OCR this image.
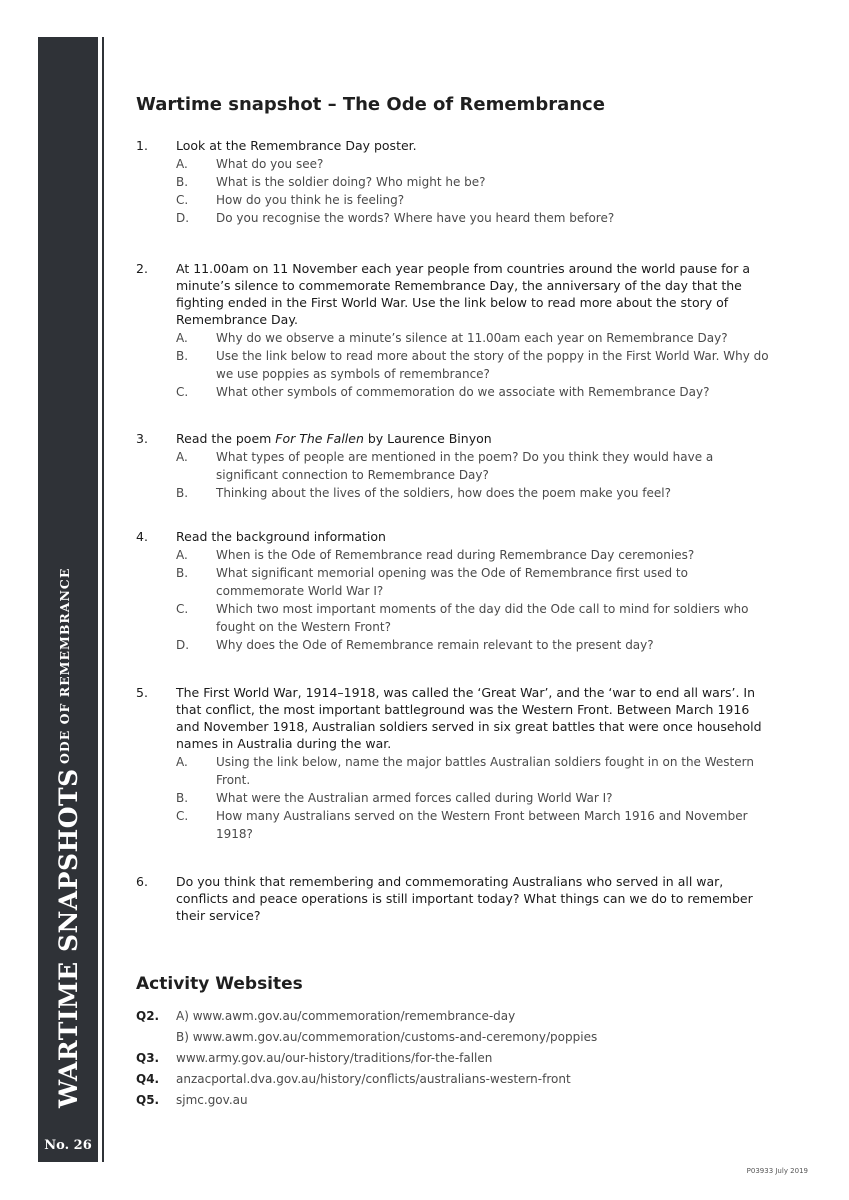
WARTIME SNAPSHOTS
ODE OF REMEMBRANCE
No. 26
Wartime snapshot – The Ode of Remembrance
1. Look at the Remembrance Day poster.
A. What do you see?
B. What is the soldier doing? Who might he be?
C. How do you think he is feeling?
D. Do you recognise the words? Where have you heard them before?
2. At 11.00am on 11 November each year people from countries around the world pause for a minute’s silence to commemorate Remembrance Day, the anniversary of the day that the fighting ended in the First World War. Use the link below to read more about the story of Remembrance Day.
A. Why do we observe a minute’s silence at 11.00am each year on Remembrance Day?
B. Use the link below to read more about the story of the poppy in the First World War. Why do we use poppies as symbols of remembrance?
C. What other symbols of commemoration do we associate with Remembrance Day?
3. Read the poem For The Fallen by Laurence Binyon
A. What types of people are mentioned in the poem? Do you think they would have a significant connection to Remembrance Day?
B. Thinking about the lives of the soldiers, how does the poem make you feel?
4. Read the background information
A. When is the Ode of Remembrance read during Remembrance Day ceremonies?
B. What significant memorial opening was the Ode of Remembrance first used to commemorate World War I?
C. Which two most important moments of the day did the Ode call to mind for soldiers who fought on the Western Front?
D. Why does the Ode of Remembrance remain relevant to the present day?
5. The First World War, 1914–1918, was called the ‘Great War’, and the ‘war to end all wars’. In that conflict, the most important battleground was the Western Front. Between March 1916 and November 1918, Australian soldiers served in six great battles that were once household names in Australia during the war.
A. Using the link below, name the major battles Australian soldiers fought in on the Western Front.
B. What were the Australian armed forces called during World War I?
C. How many Australians served on the Western Front between March 1916 and November 1918?
6. Do you think that remembering and commemorating Australians who served in all war, conflicts and peace operations is still important today? What things can we do to remember their service?
Activity Websites
Q2. A) www.awm.gov.au/commemoration/remembrance-day
B) www.awm.gov.au/commemoration/customs-and-ceremony/poppies
Q3. www.army.gov.au/our-history/traditions/for-the-fallen
Q4. anzacportal.dva.gov.au/history/conflicts/australians-western-front
Q5. sjmc.gov.au
P03933 July 2019
